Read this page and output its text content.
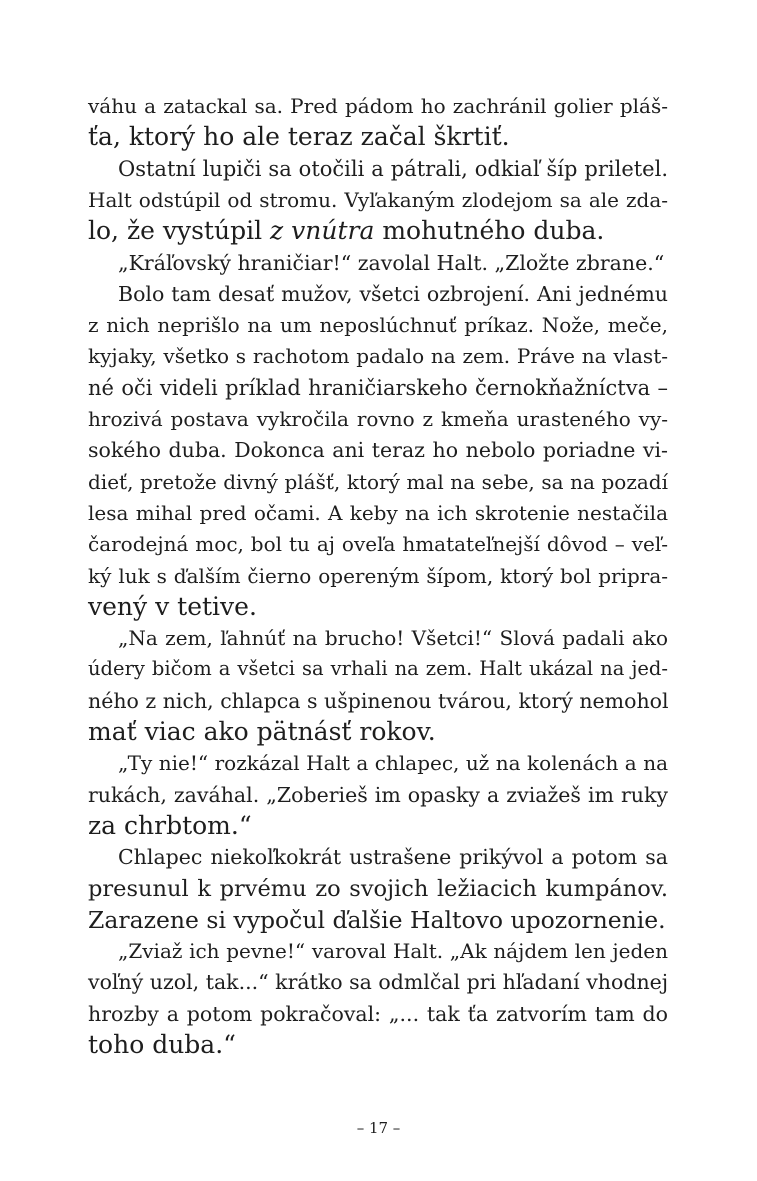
váhu a zatackal sa. Pred pádom ho zachránil golier pláš-
ťa, ktorý ho ale teraz začal škrtiť.
Ostatní lupiči sa otočili a pátrali, odkiaľ šíp priletel.
Halt odstúpil od stromu. Vyľakaným zlodejom sa ale zda-
lo, že vystúpil z vnútra mohutného duba.
„Kráľovský hraničiar!“ zavolal Halt. „Zložte zbrane.“
Bolo tam desať mužov, všetci ozbrojení. Ani jednému
z nich neprišlo na um neposlúchnuť príkaz. Nože, meče,
kyjaky, všetko s rachotom padalo na zem. Práve na vlast-
né oči videli príklad hraničiarskeho černokňažníctva –
hrozivá postava vykročila rovno z kmeňa urasteného vy-
sokého duba. Dokonca ani teraz ho nebolo poriadne vi-
dieť, pretože divný plášť, ktorý mal na sebe, sa na pozadí
lesa mihal pred očami. A keby na ich skrotenie nestačila
čarodejná moc, bol tu aj oveľa hmatateľnejší dôvod – veľ-
ký luk s ďalším čierno opereným šípom, ktorý bol pripra-
vený v tetive.
„Na zem, ľahnúť na brucho! Všetci!“ Slová padali ako
údery bičom a všetci sa vrhali na zem. Halt ukázal na jed-
ného z nich, chlapca s ušpinenou tvárou, ktorý nemohol
mať viac ako pätnásť rokov.
„Ty nie!“ rozkázal Halt a chlapec, už na kolenách a na
rukách, zaváhal. „Zoberieš im opasky a zviažeš im ruky
za chrbtom.“
Chlapec niekoľkokrát ustrašene prikývol a potom sa
presunul k prvému zo svojich ležiacich kumpánov.
Zarazene si vypočul ďalšie Haltovo upozornenie.
„Zviaž ich pevne!“ varoval Halt. „Ak nájdem len jeden
voľný uzol, tak...“ krátko sa odmlčal pri hľadaní vhodnej
hrozby a potom pokračoval: „... tak ťa zatvorím tam do
toho duba.“
– 17 –
